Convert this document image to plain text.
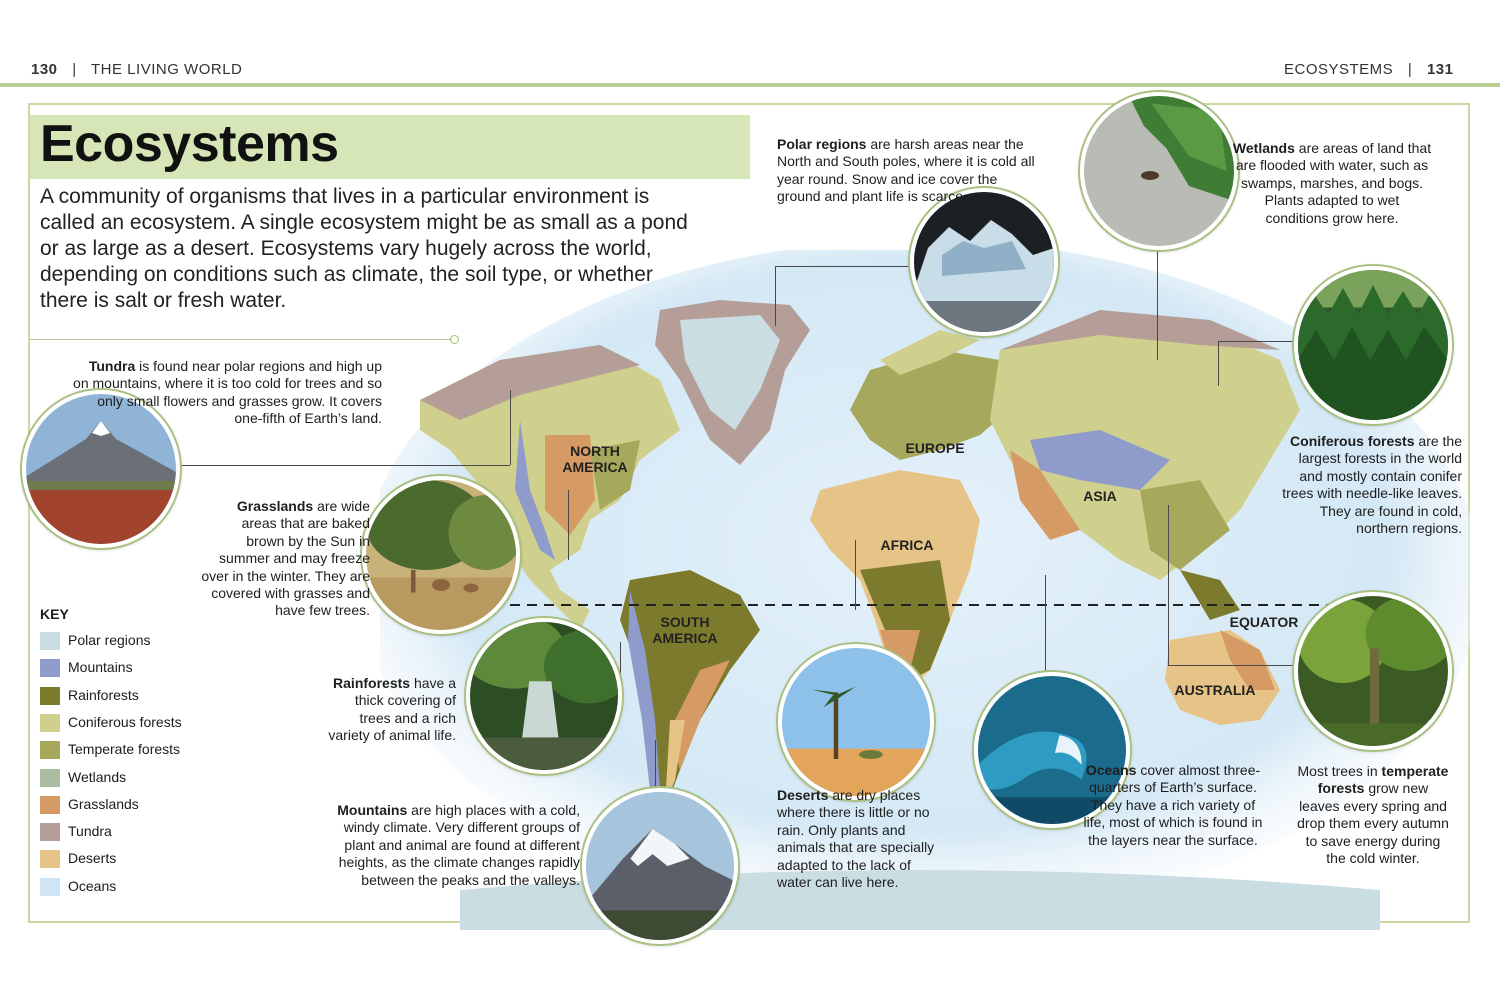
130 | THE LIVING WORLD	ECOSYSTEMS | 131
NORTH AMERICA
EUROPE
ASIA
AFRICA
SOUTH AMERICA
AUSTRALIA
EQUATOR
Ecosystems
A community of organisms that lives in a particular environment is called an ecosystem. A single ecosystem might be as small as a pond or as large as a desert. Ecosystems vary hugely across the world, depending on conditions such as climate, the soil type, or whether there is salt or fresh water.
Polar regions are harsh areas near the North and South poles, where it is cold all year round. Snow and ice cover the ground and plant life is scarce.
Wetlands are areas of land that are flooded with water, such as swamps, marshes, and bogs. Plants adapted to wet conditions grow here.
Tundra is found near polar regions and high up on mountains, where it is too cold for trees and so only small flowers and grasses grow. It covers one-fifth of Earth’s land.
Grasslands are wide areas that are baked brown by the Sun in summer and may freeze over in the winter. They are covered with grasses and have few trees.
Coniferous forests are the largest forests in the world and mostly contain conifer trees with needle-like leaves. They are found in cold, northern regions.
Rainforests have a thick covering of trees and a rich variety of animal life.
Mountains are high places with a cold, windy climate. Very different groups of plant and animal are found at different heights, as the climate changes rapidly between the peaks and the valleys.
Deserts are dry places where there is little or no rain. Only plants and animals that are specially adapted to the lack of water can live here.
Oceans cover almost three-quarters of Earth’s surface. They have a rich variety of life, most of which is found in the layers near the surface.
Most trees in temperate forests grow new leaves every spring and drop them every autumn to save energy during the cold winter.
KEY
Polar regions
Mountains
Rainforests
Coniferous forests
Temperate forests
Wetlands
Grasslands
Tundra
Deserts
Oceans
